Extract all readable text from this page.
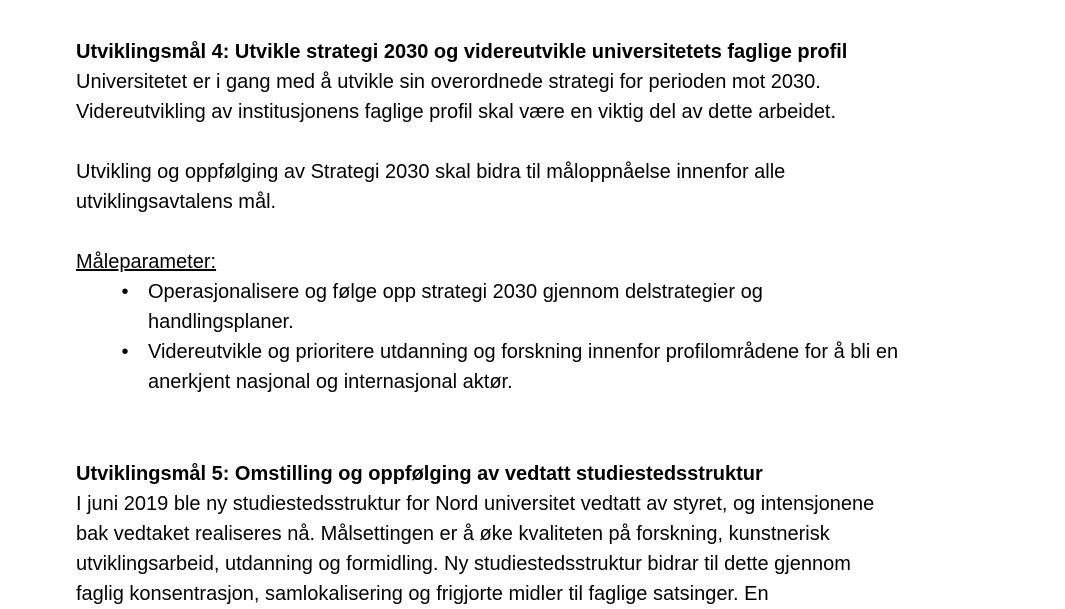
Utviklingsmål 4: Utvikle strategi 2030 og videreutvikle universitetets faglige profil

Universitetet er i gang med å utvikle sin overordnede strategi for perioden mot 2030.
Videreutvikling av institusjonens faglige profil skal være en viktig del av dette arbeidet.

Utvikling og oppfølging av Strategi 2030 skal bidra til måloppnåelse innenfor alle
utviklingsavtalens mål.

Måleparameter:

• Operasjonalisere og følge opp strategi 2030 gjennom delstrategier og
handlingsplaner.
• Videreutvikle og prioritere utdanning og forskning innenfor profilområdene for å bli en
anerkjent nasjonal og internasjonal aktør.

Utviklingsmål 5: Omstilling og oppfølging av vedtatt studiestedsstruktur

I juni 2019 ble ny studiestedsstruktur for Nord universitet vedtatt av styret, og intensjonene
bak vedtaket realiseres nå. Målsettingen er å øke kvaliteten på forskning, kunstnerisk
utviklingsarbeid, utdanning og formidling. Ny studiestedsstruktur bidrar til dette gjennom
faglig konsentrasjon, samlokalisering og frigjorte midler til faglige satsinger. En
